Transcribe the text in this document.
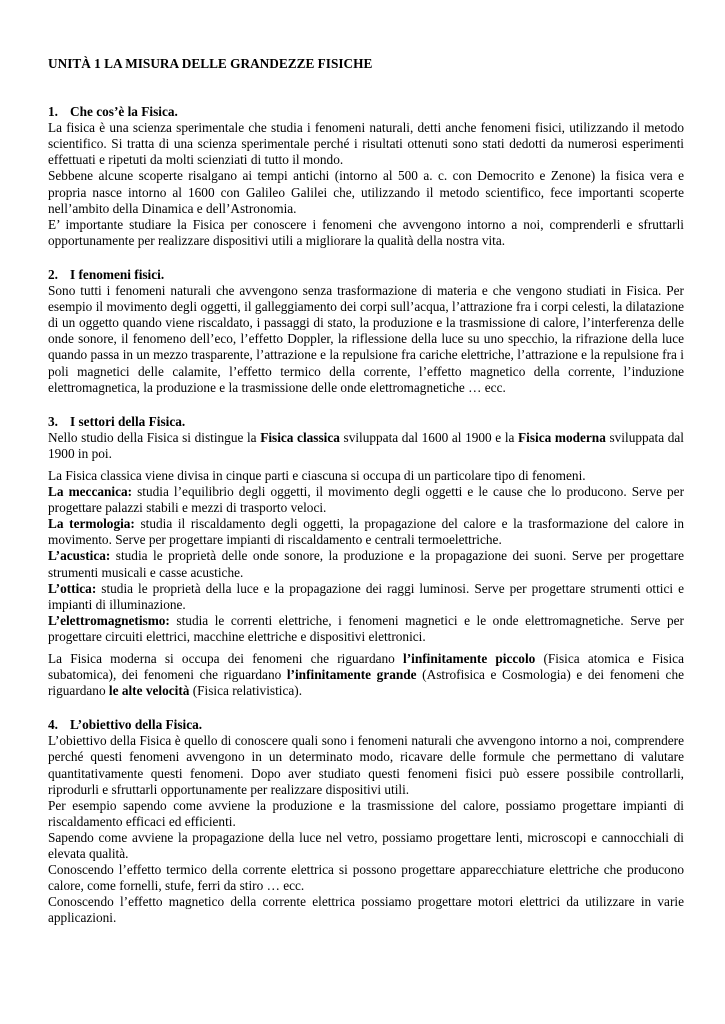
UNITÀ 1 LA MISURA DELLE GRANDEZZE FISICHE
1. Che cos’è la Fisica.

La fisica è una scienza sperimentale che studia i fenomeni naturali, detti anche fenomeni fisici, utilizzando il metodo scientifico. Si tratta di una scienza sperimentale perché i risultati ottenuti sono stati dedotti da numerosi esperimenti effettuati e ripetuti da molti scienziati di tutto il mondo.

Sebbene alcune scoperte risalgano ai tempi antichi (intorno al 500 a. c. con Democrito e Zenone) la fisica vera e propria nasce intorno al 1600 con Galileo Galilei che, utilizzando il metodo scientifico, fece importanti scoperte nell’ambito della Dinamica e dell’Astronomia.

E’ importante studiare la Fisica per conoscere i fenomeni che avvengono intorno a noi, comprenderli e sfruttarli opportunamente per realizzare dispositivi utili a migliorare la qualità della nostra vita.

2. I fenomeni fisici.

Sono tutti i fenomeni naturali che avvengono senza trasformazione di materia e che vengono studiati in Fisica. Per esempio il movimento degli oggetti, il galleggiamento dei corpi sull’acqua, l’attrazione fra i corpi celesti, la dilatazione di un oggetto quando viene riscaldato, i passaggi di stato, la produzione e la trasmissione di calore, l’interferenza delle onde sonore, il fenomeno dell’eco, l’effetto Doppler, la riflessione della luce su uno specchio, la rifrazione della luce quando passa in un mezzo trasparente, l’attrazione e la repulsione fra cariche elettriche, l’attrazione e la repulsione fra i poli magnetici delle calamite, l’effetto termico della corrente, l’effetto magnetico della corrente, l’induzione elettromagnetica, la produzione e la trasmissione delle onde elettromagnetiche … ecc.

3. I settori della Fisica.

Nello studio della Fisica si distingue la Fisica classica sviluppata dal 1600 al 1900 e la Fisica moderna sviluppata dal 1900 in poi.

La Fisica classica viene divisa in cinque parti e ciascuna si occupa di un particolare tipo di fenomeni.

La meccanica: studia l’equilibrio degli oggetti, il movimento degli oggetti e le cause che lo producono. Serve per progettare palazzi stabili e mezzi di trasporto veloci.

La termologia: studia il riscaldamento degli oggetti, la propagazione del calore e la trasformazione del calore in movimento. Serve per progettare impianti di riscaldamento e centrali termoelettriche.

L’acustica: studia le proprietà delle onde sonore, la produzione e la propagazione dei suoni. Serve per progettare strumenti musicali e casse acustiche.

L’ottica: studia le proprietà della luce e la propagazione dei raggi luminosi. Serve per progettare strumenti ottici e impianti di illuminazione.

L’elettromagnetismo: studia le correnti elettriche, i fenomeni magnetici e le onde elettromagnetiche. Serve per progettare circuiti elettrici, macchine elettriche e dispositivi elettronici.

La Fisica moderna si occupa dei fenomeni che riguardano l’infinitamente piccolo (Fisica atomica e Fisica subatomica), dei fenomeni che riguardano l’infinitamente grande (Astrofisica e Cosmologia) e dei fenomeni che riguardano le alte velocità (Fisica relativistica).

4. L’obiettivo della Fisica.

L’obiettivo della Fisica è quello di conoscere quali sono i fenomeni naturali che avvengono intorno a noi, comprendere perché questi fenomeni avvengono in un determinato modo, ricavare delle formule che permettano di valutare quantitativamente questi fenomeni. Dopo aver studiato questi fenomeni fisici può essere possibile controllarli, riprodurli e sfruttarli opportunamente per realizzare dispositivi utili.

Per esempio sapendo come avviene la produzione e la trasmissione del calore, possiamo progettare impianti di riscaldamento efficaci ed efficienti.

Sapendo come avviene la propagazione della luce nel vetro, possiamo progettare lenti, microscopi e cannocchiali di elevata qualità.

Conoscendo l’effetto termico della corrente elettrica si possono progettare apparecchiature elettriche che producono calore, come fornelli, stufe, ferri da stiro … ecc.

Conoscendo l’effetto magnetico della corrente elettrica possiamo progettare motori elettrici da utilizzare in varie applicazioni.
